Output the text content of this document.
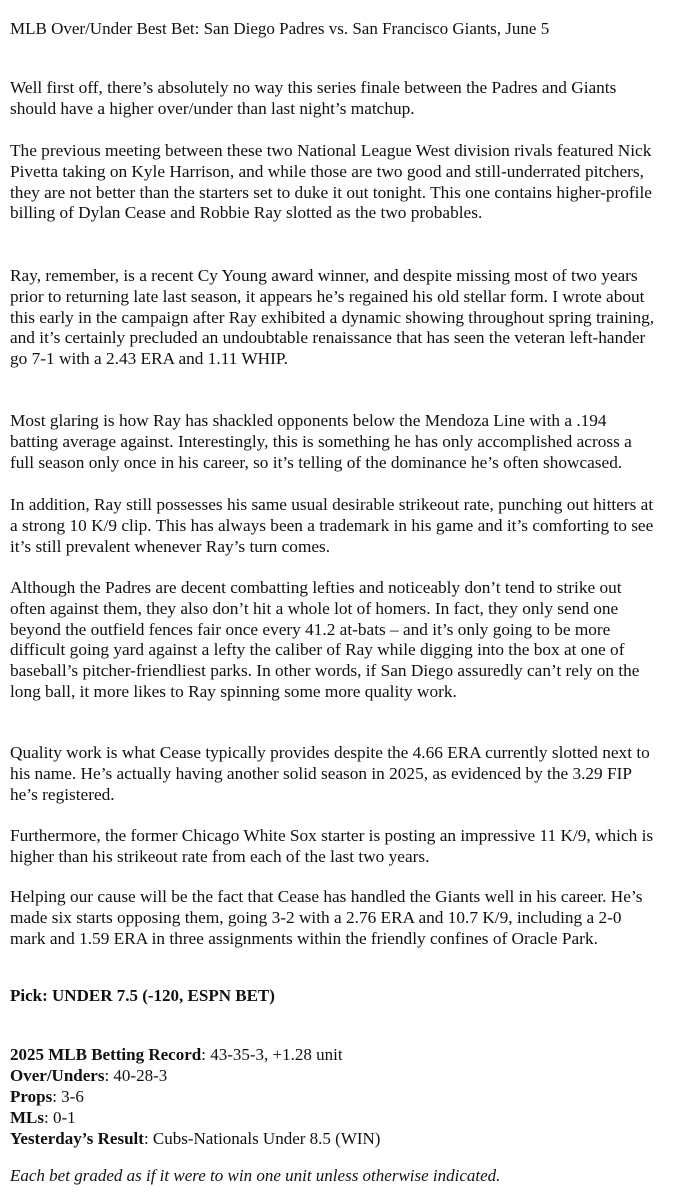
MLB Over/Under Best Bet: San Diego Padres vs. San Francisco Giants, June 5

Well first off, there’s absolutely no way this series finale between the Padres and Giants should have a higher over/under than last night’s matchup.

The previous meeting between these two National League West division rivals featured Nick Pivetta taking on Kyle Harrison, and while those are two good and still-underrated pitchers, they are not better than the starters set to duke it out tonight. This one contains higher-profile billing of Dylan Cease and Robbie Ray slotted as the two probables.

Ray, remember, is a recent Cy Young award winner, and despite missing most of two years prior to returning late last season, it appears he’s regained his old stellar form. I wrote about this early in the campaign after Ray exhibited a dynamic showing throughout spring training, and it’s certainly precluded an undoubtable renaissance that has seen the veteran left-hander go 7-1 with a 2.43 ERA and 1.11 WHIP.

Most glaring is how Ray has shackled opponents below the Mendoza Line with a .194 batting average against. Interestingly, this is something he has only accomplished across a full season only once in his career, so it’s telling of the dominance he’s often showcased.

In addition, Ray still possesses his same usual desirable strikeout rate, punching out hitters at a strong 10 K/9 clip. This has always been a trademark in his game and it’s comforting to see it’s still prevalent whenever Ray’s turn comes.

Although the Padres are decent combatting lefties and noticeably don’t tend to strike out often against them, they also don’t hit a whole lot of homers. In fact, they only send one beyond the outfield fences fair once every 41.2 at-bats – and it’s only going to be more difficult going yard against a lefty the caliber of Ray while digging into the box at one of baseball’s pitcher-friendliest parks. In other words, if San Diego assuredly can’t rely on the long ball, it more likes to Ray spinning some more quality work.

Quality work is what Cease typically provides despite the 4.66 ERA currently slotted next to his name. He’s actually having another solid season in 2025, as evidenced by the 3.29 FIP he’s registered.

Furthermore, the former Chicago White Sox starter is posting an impressive 11 K/9, which is higher than his strikeout rate from each of the last two years.

Helping our cause will be the fact that Cease has handled the Giants well in his career. He’s made six starts opposing them, going 3-2 with a 2.76 ERA and 10.7 K/9, including a 2-0 mark and 1.59 ERA in three assignments within the friendly confines of Oracle Park.

Pick: UNDER 7.5 (-120, ESPN BET)
2025 MLB Betting Record: 43-35-3, +1.28 unit
Over/Unders: 40-28-3
Props: 3-6
MLs: 0-1
Yesterday’s Result: Cubs-Nationals Under 8.5 (WIN)
Each bet graded as if it were to win one unit unless otherwise indicated.
